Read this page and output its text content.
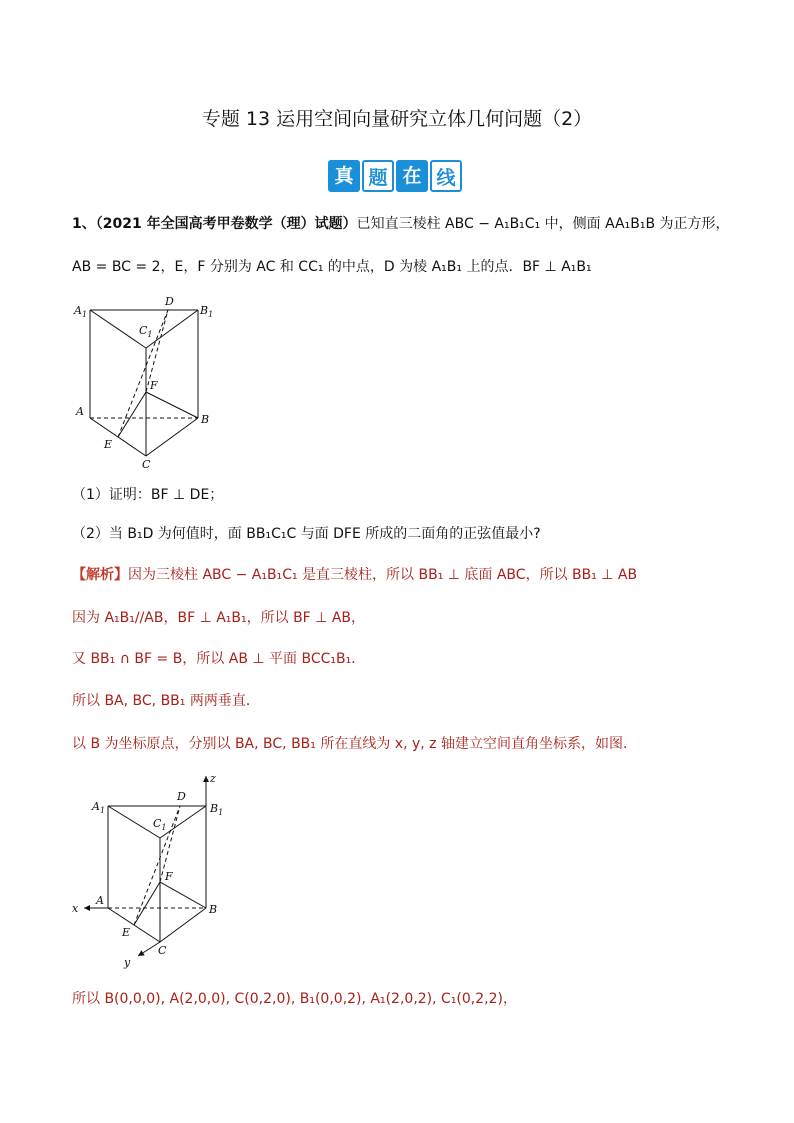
专题 13 运用空间向量研究立体几何问题（2）
真 题 在 线
1、（2021 年全国高考甲卷数学（理）试题）已知直三棱柱 ABC − A₁B₁C₁ 中，侧面 AA₁B₁B 为正方形，
AB = BC = 2，E，F 分别为 AC 和 CC₁ 的中点，D 为棱 A₁B₁ 上的点．BF ⊥ A₁B₁
$A_1$	$B_1$
$C_1$
D
F
A
B
C
E
（1）证明：BF ⊥ DE；
（2）当 B₁D 为何值时，面 BB₁C₁C 与面 DFE 所成的二面角的正弦值最小?
【解析】因为三棱柱 ABC − A₁B₁C₁ 是直三棱柱，所以 BB₁ ⊥ 底面 ABC，所以 BB₁ ⊥ AB
因为 A₁B₁//AB，BF ⊥ A₁B₁，所以 BF ⊥ AB，
又 BB₁ ∩ BF = B，所以 AB ⊥ 平面 BCC₁B₁．
所以 BA, BC, BB₁ 两两垂直．
以 B 为坐标原点，分别以 BA, BC, BB₁ 所在直线为 x, y, z 轴建立空间直角坐标系，如图．
z
x
y
$A_1$	$B_1$
$C_1$
D
F
A
B
C
E
所以 B(0,0,0), A(2,0,0), C(0,2,0), B₁(0,0,2), A₁(2,0,2), C₁(0,2,2)，
